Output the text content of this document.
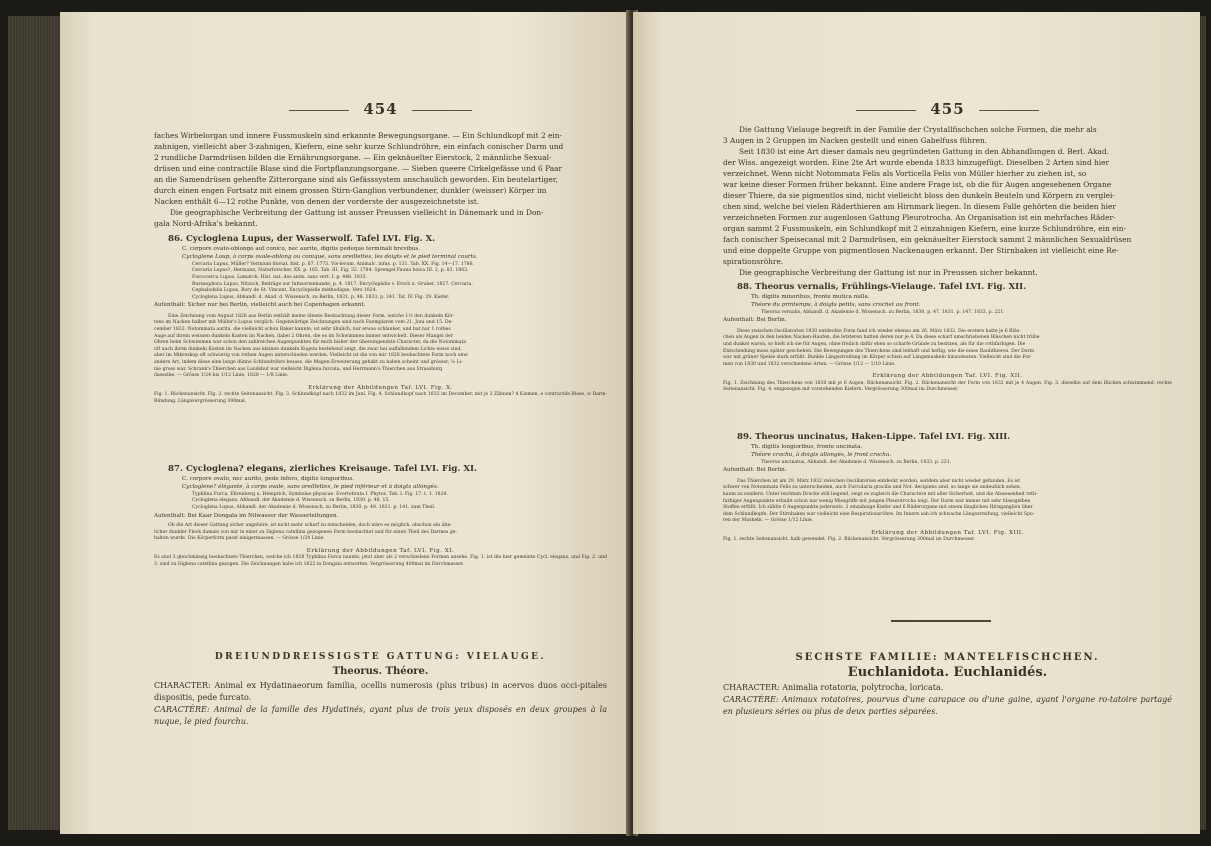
454

faches Wirbelorgan und innere Fussmuskeln sind erkannte Bewegungsorgane. — Ein Schlundkopf mit 2 ein-

zahnigen, vielleicht aber 3-zahnigen, Kiefern, eine sehr kurze Schlundröhre, ein einfach conischer Darm und

2 rundliche Darmdrüsen bilden die Ernährungsorgane. — Ein geknäuelter Eierstock, 2 männliche Sexual-

drüsen und eine contractile Blase sind die Fortpflanzungsorgane. — Sieben queere Cirkelgefässe und 6 Paar

an die Samendrüsen gehenfte Zitterorgane sind als Gefässsystem anschaulich geworden. Ein beutelartiger,

durch einen engen Fortsatz mit einem grossen Stirn-Ganglion verbundener, dunkler (weisser) Körper im

Nacken enthält 6—12 rothe Punkte, von denen der vorderste der ausgezeichnetste ist.

Die geographische Verbreitung der Gattung ist ausser Preussen vielleicht in Dänemark und in Don-

gala Nord-Afrika's bekannt.

86. Cycloglena Lupus, der Wasserwolf. Tafel LVI. Fig. X.

C. corpore ovato-oblongo aut conico, nec aurite, digitis pedeque terminali brevibus.

Cycloglene Loup, à corps ovale-oblong ou conique, sans oreillettes, les doigts et le pied terminal courts.

Cercaria Lupus, Müller? Vermium fluviat. hist. p. 67. 1773. Vis-lecum. Animalc. infus. p. 131. Tab. XX. Fig. 14—17. 1786.

Cercaria Lupus?, Hermann, Naturforscher, XX. p. 165. Tab. III. Fig. 32. 1784. Sprengel Fauna boica III. 2, p. 83. 1803.

Furcocerca Lupus, Lamarck, Hist. nat. des anim. sans vert. I. p. 448. 1815.

Bursaophora Lupus, Nitzsch, Beiträge zur Infusorienkunde, p. 4. 1817. Encyclopädie v. Ersch u. Gruber, 1827. Cercaria.

Cephalodella Lupus, Bory de St. Vincent, Encyclopédie méthodique, Vers 1824.

Cycloglena Lupus, Abhandl. d. Akad. d. Wissensch. zu Berlin, 1831. p. 48. 1833. p. 341. Taf. IV. Fig. 29. Kiefer.

Aufenthalt: Sicher nur bei Berlin, vielleicht auch bei Copenhagen erkannt.

Eine Zeichnung vom August 1828 aus Berlin enthält meine älteste Beobachtung dieser Form, welche 1½ den dunkeln Kör-

tens im Nacken halber mit Müller's Lupus verglich. Gegenwärtige Zeichnungen sind nach Exemplaren vom 21. Juni und 15. De-

cember 1832. Notommata aurita, die vielleicht schon Baker kannte, ist sehr ähnlich, nur etwas schlanker, und hat nur 1 rothes

Auge auf ihrem weissen dunkeln Kasten im Nacken, dabei 2 Ohren, die es im Schwimmen immer entwickelt. Dieser Mangel der

Ohren beim Schwimmen war schon den zahlreichen Augenpunkten für mich bisher der übereingendste Character, da die Notommata

oft auch ihren dunkeln Kasten im Nacken aus kleinen dunkeln Kugeln bestehend zeigt, die zwar bei auffallendem Lichte weiss sind,

aber im Mikroskop oft schwierig von rothen Augen unterschieden werden. Vielleicht ist die von mir 1828 beobachtete Form noch eine

andere Art, indem diese eine lange dünne Schlundröhre besass, die Magen-Erweiterung gehabt zu haben scheint und grösser, ⅛ Li-

nie gross war. Schrank's Thierchen aus Landshut war vielleicht Diglena furcata, und Herrmann's Thierchen aus Strassburg

dasselbe. — Grösse 1/24 bis 1/12 Linie, 1828 — 1/8 Linie.

Erklärung der Abbildungen Taf. LVI. Fig. X.

Fig. 1. Rückenansicht. Fig. 2. rechte Seitenansicht. Fig. 3. Schlundkopf nach 1832 im Juni. Fig. 4. Schlundkopf nach 1832 im December, mit je 3 Zähnen? d Kiemen, e contractile Blase, w Darm-Bündung. Längsvergrösserung 300mal.

87. Cycloglena? elegans, zierliches Kreisauge. Tafel LVI. Fig. XI.

C. corpore ovato, nec aurito, pede infero, digitis longioribus.

Cycloglene? élégante, à corps ovale, sans oreillettes, le pied inférieur et à doigts allongés.

Typhlina Furca, Ehrenberg u. Hemprich, Symbolae physicae. Evertebrata I. Phytoz. Tab. I. Fig. 17. t. 1. 1828.

Cycloglena elegans, Abhandl. der Akademie d. Wissensch. zu Berlin, 1830. p. 48. 15.

Cycloglena Lupus, Abhandl. der Akademie d. Wissensch. zu Berlin, 1830. p. 48. 1831. p. 141. zum Theil.

Aufenthalt: Bei Kaar Dongala im Nilwasser der Wasserleitungen.

Ob die Art dieser Gattung sicher angehöre, ist nicht mehr scharf zu entscheiden, doch wäre es möglich, obschon ein ähn-

licher dunkler Fleck damals von mir in einer zu Diglena catellina gezogenen Form beobachtet und für einen Theil des Darmes ge-

halten wurde. Die Körperform passt einigermassen. — Grösse 1/24 Linie.

Erklärung der Abbildungen Taf. LVI. Fig. XI.

Es sind 3 gleichmässig beobachtete Thierchen, welche ich 1828 Typhlina Furca nannte, jetzt aber als 2 verschiedene Formen ansehe. Fig. 1. ist die hier gemeinte Cycl. elegans, und Fig. 2. und 3. sind zu Diglena catellina gezogen. Die Zeichnungen habe ich 1822 in Dongala entworfen. Vergrösserung 400mal im Durchmesser.

DREIUNDDREISSIGSTE GATTUNG: VIELAUGE.

Theorus. Théore.

CHARACTER: Animal ex Hydatinaeorum familia, ocellis numerosis (plus tribus) in acervos duos occi-pitales dispositis, pede furcato.

CARACTÈRE: Animal de la famille des Hydatinés, ayant plus de trois yeux disposés en deux groupes à la nuque, le pied fourchu.

455

Die Gattung Vielauge begreift in der Familie der Crystallfischchen solche Formen, die mehr als

3 Augen in 2 Gruppen im Nacken gestellt und einen Gabelfuss führen.

Seit 1830 ist eine Art dieser damals neu gegründeten Gattung in den Abhandlungen d. Berl. Akad.

der Wiss. angezeigt worden. Eine 2te Art wurde ebenda 1833 hinzugefügt. Dieselben 2 Arten sind hier

verzeichnet. Wenn nicht Notommata Felis als Vorticella Felis von Müller hierher zu ziehen ist, so

war keine dieser Formen früher bekannt. Eine andere Frage ist, ob die für Augen angesehenen Organe

dieser Thiere, da sie pigmentlos sind, nicht vielleicht bloss den dunkeln Beuteln und Körpern zu verglei-

chen sind, welche bei vielen Räderthieren am Hirnmark liegen. In diesem Falle gehörten die beiden hier

verzeichneten Formen zur augenlosen Gattung Pleurotrocha. An Organisation ist ein mehrfaches Räder-

organ sammt 2 Fussmuskeln, ein Schlundkopf mit 2 einzahnigen Kiefern, eine kurze Schlundröhre, ein ein-

fach conischer Speisecanal mit 2 Darmdrüsen, ein geknäuelter Eierstock sammt 2 männlichen Sexualdrüsen

und eine doppelte Gruppe von pigmentlosen Nackenaugen erkannt. Der Stirnbaken ist vielleicht eine Re-

spirationsröhre.

Die geographische Verbreitung der Gattung ist nur in Preussen sicher bekannt.

88. Theorus vernalis, Frühlings-Vielauge. Tafel LVI. Fig. XII.

Th. digitis minoribus, fronte mutica nulla.

Théore du printemps, à doigts petits, sans crochet au front.

Theorus vernalis, Abhandl. d. Akademie d. Wissensch. zu Berlin, 1830. p. 47. 1831. p. 147. 1833. p. 221.

Aufenthalt: Bei Berlin.

Diese zwischen Oscillatorien 1830 entdeckte Form fand ich wieder ebenso am 26. März 1832. Die erstere hatte je 6 Bläs-

chen als Augen in den beiden Nacken-Haufen, die letzteren hatten deren nur je 4. Da diese scharf umschriebenen Bläschen nicht trübe

und dunkel waren, so hielt ich sie für Augen, ohne freilich dafür eben so scharfe Gründe zu besitzen, als für die rothfarbigen. Die

Entscheidung muss später geschehen. Die Bewegungen des Thierchens sind lebhaft und heftig, wie die eines Raubthieres. Der Darm

war mit grüner Speise stark erfüllt. Dunkle Längsstreifung im Körper schien auf Längsmuskeln hinzudeuten. Vielleicht sind die For-

men von 1830 und 1832 verschiedene Arten. — Grösse 1/12 — 1/10 Linie.

Erklärung der Abbildungen Taf. LVI. Fig. XII.

Fig. 1. Zeichnung des Thierchens von 1830 mit je 6 Augen, Rückenansicht. Fig. 2. Rückenansicht der Form von 1832 mit je 4 Augen. Fig. 3. dieselbe auf dem Rücken schwimmend, rechte Seitenansicht. Fig. 4. eingezogen mit vorstehenden Kiefern. Vergrösserung 300mal im Durchmesser.

89. Theorus uncinatus, Haken-Lippe. Tafel LVI. Fig. XIII.

Th. digitis longioribus, fronte uncinata.

Théore crochu, à doigts allongés, le front crochu.

Theorus uncinatus, Abhandl. der Akademie d. Wissensch. zu Berlin, 1833. p. 221.

Aufenthalt: Bei Berlin.

Das Thierchen ist am 29. März 1832 zwischen Oscillatorien entdeckt worden, seitdem aber nicht wieder gefunden. Es ist

schwer von Notommata Felis zu unterscheiden, auch Furcularia gracilis und Not. decipiens sind, so lange sie undeutlich sehen,

kaum zu sondern. Unter leichtem Drucke still liegend, zeigt es zugleich die Charactere mit aller Sicherheit, und die Abwesenheit roth-

farbiger Augenpunkte erlaubt schon nur wenig Missgriffe mit jungen Pleurotrocha leigi. Der Darm war immer mit sehr blassgelben

Stoffen erfüllt. Ich zählte 6 Augenpunkte jederseits, 2 einzahnige Kiefer und 6 Räderorgane mit einem länglichen Hirnganglion über

dem Schlundkopfe. Der Stirnhaken war vielleicht eine Respirationsröhre. Im Innern sah ich schwache Längsstreifung, vielleicht Spu-

ren der Muskeln. — Grösse 1/12 Linie.

Erklärung der Abbildungen Taf. LVI. Fig. XIII.

Fig. 1. rechte Seitenansicht, halb gewendet. Fig. 2. Rückenansicht. Vergrösserung 300mal im Durchmesser.

SECHSTE FAMILIE: MANTELFISCHCHEN.

Euchlanidota. Euchlanidés.

CHARACTER: Animalia rotatoria, polytrocha, loricata.

CARACTÈRE: Animaux rotatoires, pourvus d'une carapace ou d'une gaine, ayant l'organe ro-tatoire partagé en plusieurs séries ou plus de deux parties séparées.
